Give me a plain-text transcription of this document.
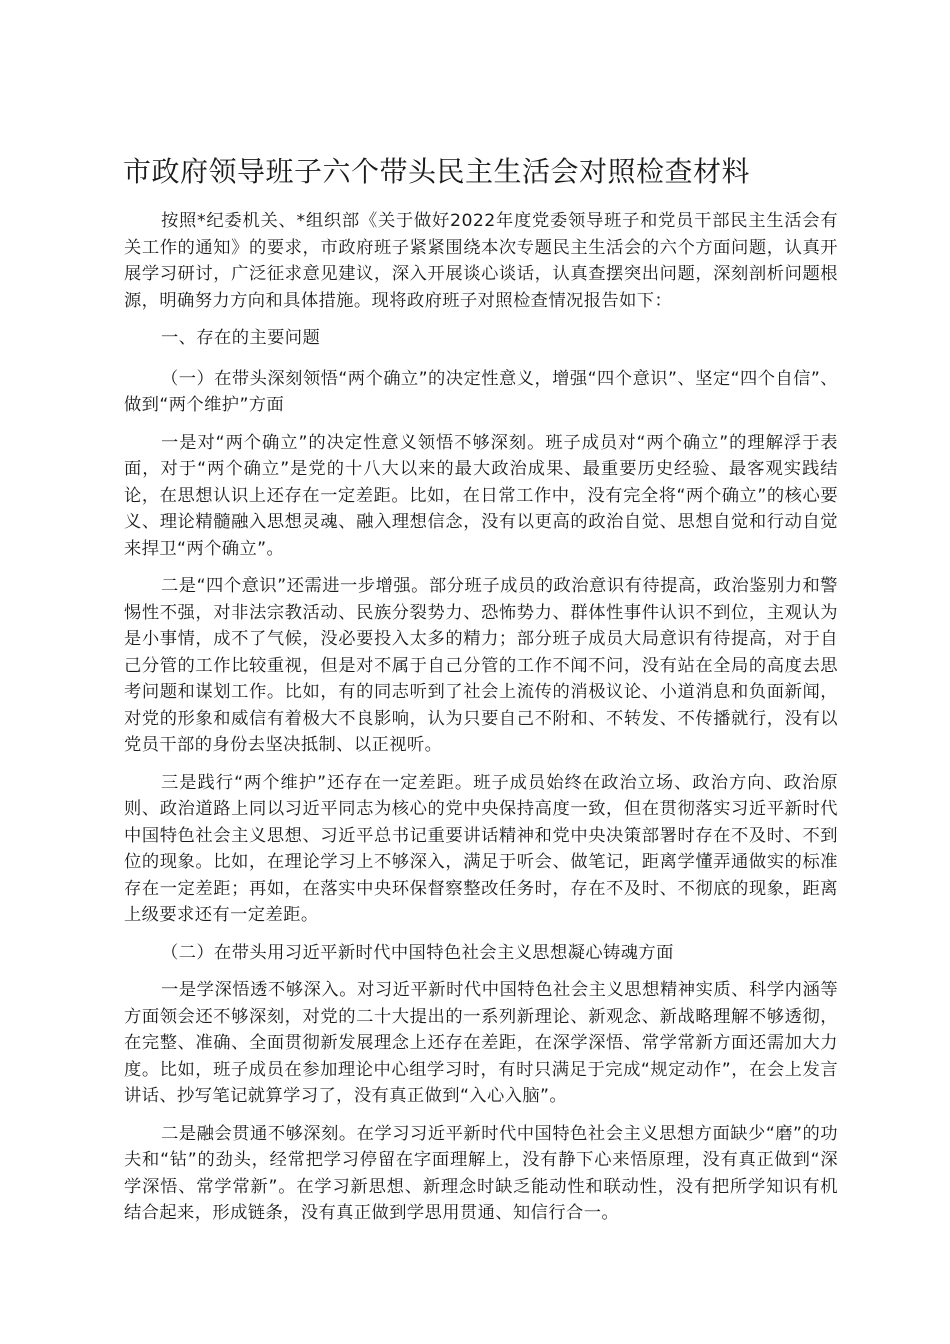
市政府领导班子六个带头民主生活会对照检查材料

按照*纪委机关、*组织部《关于做好2022年度党委领导班子和党员干部民主生活会有关工作的通知》的要求，市政府班子紧紧围绕本次专题民主生活会的六个方面问题，认真开展学习研讨，广泛征求意见建议，深入开展谈心谈话，认真查摆突出问题，深刻剖析问题根源，明确努力方向和具体措施。现将政府班子对照检查情况报告如下：

一、存在的主要问题

（一）在带头深刻领悟“两个确立”的决定性意义，增强“四个意识”、坚定“四个自信”、做到“两个维护”方面

一是对“两个确立”的决定性意义领悟不够深刻。班子成员对“两个确立”的理解浮于表面，对于“两个确立”是党的十八大以来的最大政治成果、最重要历史经验、最客观实践结论，在思想认识上还存在一定差距。比如，在日常工作中，没有完全将“两个确立”的核心要义、理论精髓融入思想灵魂、融入理想信念，没有以更高的政治自觉、思想自觉和行动自觉来捍卫“两个确立”。

二是“四个意识”还需进一步增强。部分班子成员的政治意识有待提高，政治鉴别力和警惕性不强，对非法宗教活动、民族分裂势力、恐怖势力、群体性事件认识不到位，主观认为是小事情，成不了气候，没必要投入太多的精力；部分班子成员大局意识有待提高，对于自己分管的工作比较重视，但是对不属于自己分管的工作不闻不问，没有站在全局的高度去思考问题和谋划工作。比如，有的同志听到了社会上流传的消极议论、小道消息和负面新闻，对党的形象和威信有着极大不良影响，认为只要自己不附和、不转发、不传播就行，没有以党员干部的身份去坚决抵制、以正视听。

三是践行“两个维护”还存在一定差距。班子成员始终在政治立场、政治方向、政治原则、政治道路上同以习近平同志为核心的党中央保持高度一致，但在贯彻落实习近平新时代中国特色社会主义思想、习近平总书记重要讲话精神和党中央决策部署时存在不及时、不到位的现象。比如，在理论学习上不够深入，满足于听会、做笔记，距离学懂弄通做实的标准存在一定差距；再如，在落实中央环保督察整改任务时，存在不及时、不彻底的现象，距离上级要求还有一定差距。

（二）在带头用习近平新时代中国特色社会主义思想凝心铸魂方面

一是学深悟透不够深入。对习近平新时代中国特色社会主义思想精神实质、科学内涵等方面领会还不够深刻，对党的二十大提出的一系列新理论、新观念、新战略理解不够透彻，在完整、准确、全面贯彻新发展理念上还存在差距，在深学深悟、常学常新方面还需加大力度。比如，班子成员在参加理论中心组学习时，有时只满足于完成“规定动作”，在会上发言讲话、抄写笔记就算学习了，没有真正做到“入心入脑”。

二是融会贯通不够深刻。在学习习近平新时代中国特色社会主义思想方面缺少“磨”的功夫和“钻”的劲头，经常把学习停留在字面理解上，没有静下心来悟原理，没有真正做到“深学深悟、常学常新”。在学习新思想、新理念时缺乏能动性和联动性，没有把所学知识有机结合起来，形成链条，没有真正做到学思用贯通、知信行合一。
